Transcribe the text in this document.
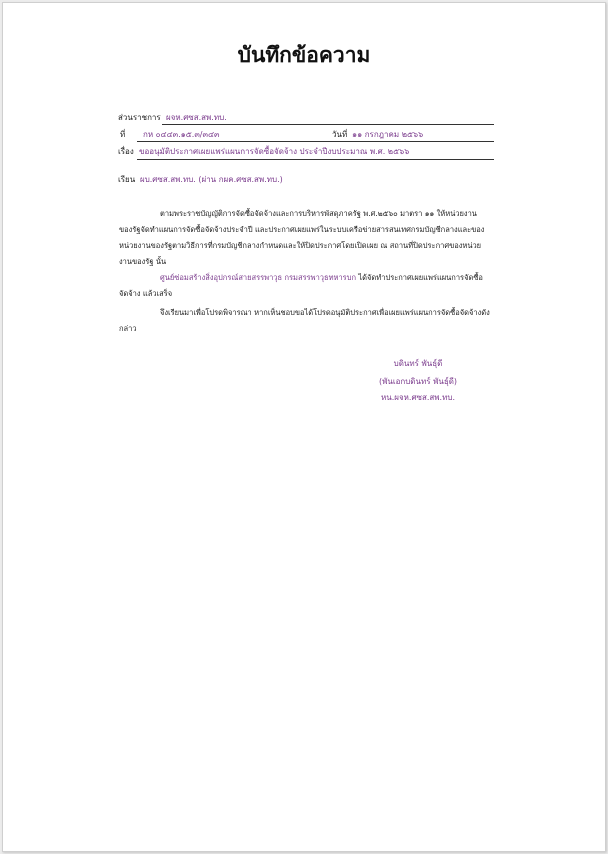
บันทึกข้อความ
ส่วนราชการ ผจห.ศซส.สพ.ทบ.
ที่ กห ๐๔๔๓.๑๕.๓/๓๔๓	วันที่ ๑๑ กรกฎาคม ๒๕๖๖
เรื่อง ขออนุมัติประกาศเผยแพร่แผนการจัดซื้อจัดจ้าง ประจำปีงบประมาณ พ.ศ. ๒๕๖๖
เรียน ผบ.ศซส.สพ.ทบ. (ผ่าน กผค.ศซส.สพ.ทบ.)
ตามพระราชบัญญัติการจัดซื้อจัดจ้างและการบริหารพัสดุภาครัฐ พ.ศ.๒๕๖๐ มาตรา ๑๑ ให้หน่วยงาน
ของรัฐจัดทำแผนการจัดซื้อจัดจ้างประจำปี และประกาศเผยแพร่ในระบบเครือข่ายสารสนเทศกรมบัญชีกลางและของ
หน่วยงานของรัฐตามวิธีการที่กรมบัญชีกลางกำหนดและให้ปิดประกาศโดยเปิดเผย ณ สถานที่ปิดประกาศของหน่วย
งานของรัฐ นั้น
ศูนย์ซ่อมสร้างสิ่งอุปกรณ์สายสรรพาวุธ กรมสรรพาวุธทหารบก ได้จัดทำประกาศเผยแพร่แผนการจัดซื้อ
จัดจ้าง แล้วเสร็จ
จึงเรียนมาเพื่อโปรดพิจารณา หากเห็นชอบขอได้โปรดอนุมัติประกาศเพื่อเผยแพร่แผนการจัดซื้อจัดจ้างดัง
กล่าว
บดินทร์ พันธุ์ดี
(พันเอกบดินทร์ พันธุ์ดี)
หน.ผจห.ศซส.สพ.ทบ.
